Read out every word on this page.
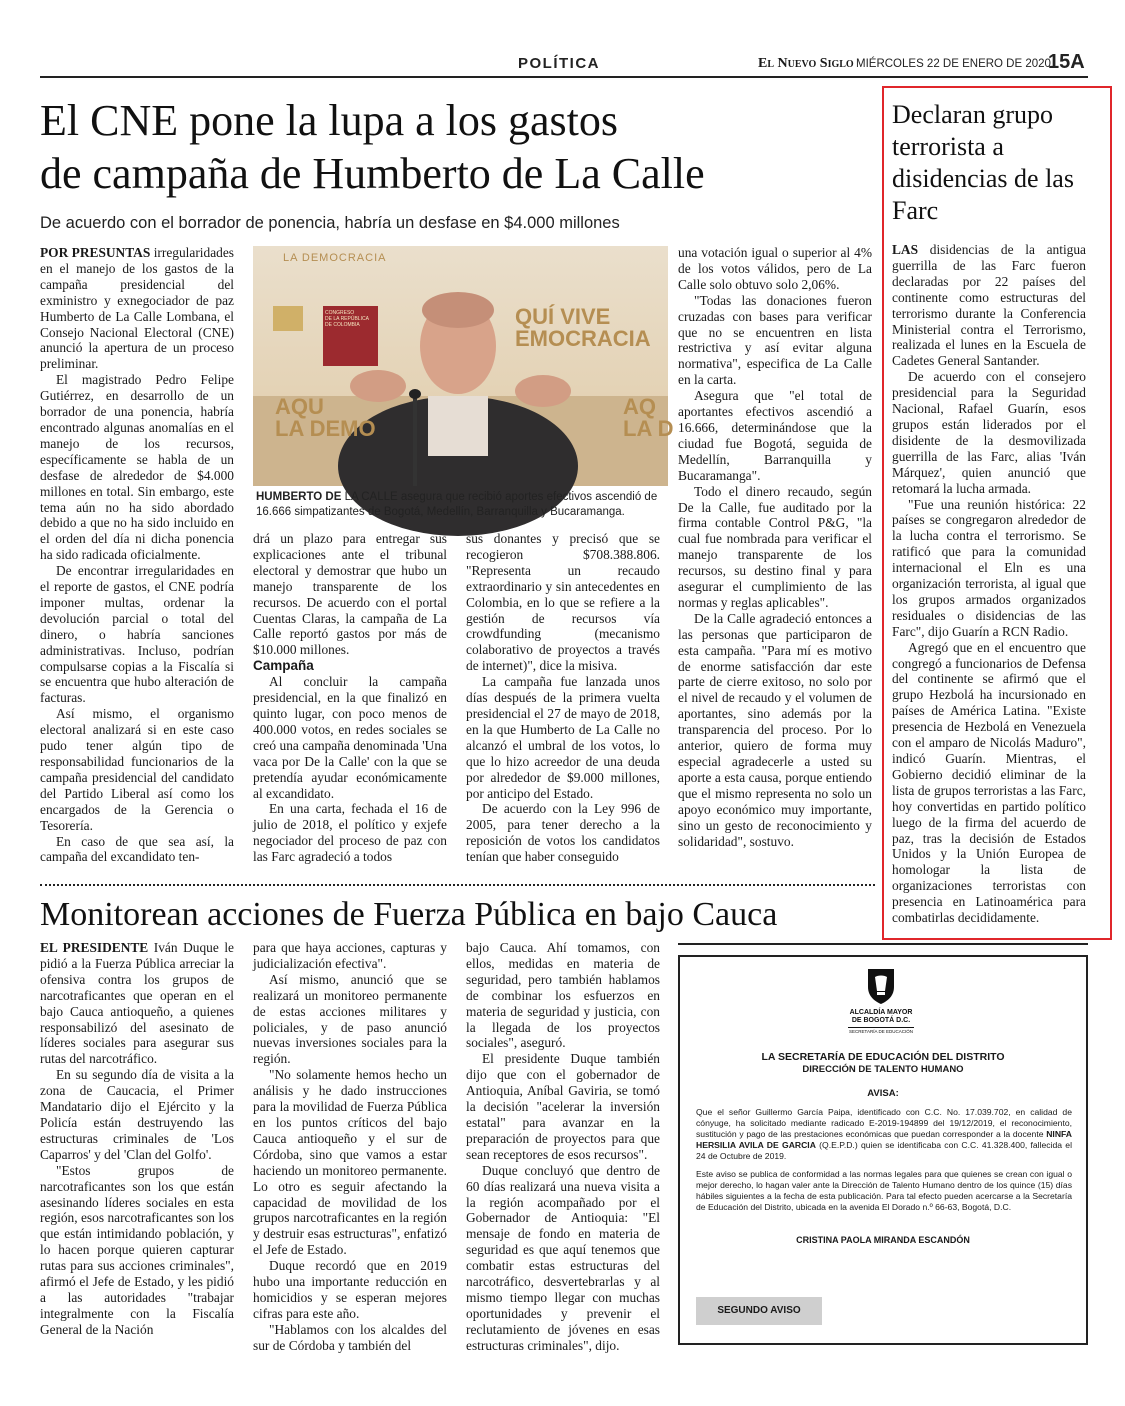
POLÍTICA	El Nuevo Siglo MIÉRCOLES 22 DE ENERO DE 2020
15A
El CNE pone la lupa a los gastos
de campaña de Humberto de La Calle
De acuerdo con el borrador de ponencia, habría un desfase en $4.000 millones

POR PRESUNTAS irregularidades en el manejo de los gastos de la campaña presidencial del exministro y exnegociador de paz Humberto de La Calle Lombana, el Consejo Nacional Electoral (CNE) anunció la apertura de un proceso preliminar.

El magistrado Pedro Felipe Gutiérrez, en desarrollo de un borrador de una ponencia, habría encontrado algunas anomalías en el manejo de los recursos, específicamente se habla de un desfase de alrededor de $4.000 millones en total. Sin embargo, este tema aún no ha sido abordado debido a que no ha sido incluido en el orden del día ni dicha ponencia ha sido radicada oficialmente.

De encontrar irregularidades en el reporte de gastos, el CNE podría imponer multas, ordenar la devolución parcial o total del dinero, o habría sanciones administrativas. Incluso, podrían compulsarse copias a la Fiscalía si se encuentra que hubo alteración de facturas.

Así mismo, el organismo electoral analizará si en este caso pudo tener algún tipo de responsabilidad funcionarios de la campaña presidencial del candidato del Partido Liberal así como los encargados de la Gerencia o Tesorería.

En caso de que sea así, la campaña del excandidato ten-

LA DEMOCRACIA
CONGRESO
DE LA REPÚBLICA
DE COLOMBIA	QUÍ VIVE
EMOCRACIA
AQU
LA DEMO
AQ
LA D
HUMBERTO DE LA CALLE asegura que recibió aportes efectivos ascendió de 16.666 simpatizantes de Bogotá, Medellín, Barranquilla y Bucaramanga.

drá un plazo para entregar sus explicaciones ante el tribunal electoral y demostrar que hubo un manejo transparente de los recursos. De acuerdo con el portal Cuentas Claras, la campaña de La Calle reportó gastos por más de $10.000 millones.

Campaña

Al concluir la campaña presidencial, en la que finalizó en quinto lugar, con poco menos de 400.000 votos, en redes sociales se creó una campaña denominada 'Una vaca por De la Calle' con la que se pretendía ayudar económicamente al excandidato.

En una carta, fechada el 16 de julio de 2018, el político y exjefe negociador del proceso de paz con las Farc agradeció a todos

sus donantes y precisó que se recogieron $708.388.806. "Representa un recaudo extraordinario y sin antecedentes en Colombia, en lo que se refiere a la gestión de recursos vía crowdfunding (mecanismo colaborativo de proyectos a través de internet)", dice la misiva.

La campaña fue lanzada unos días después de la primera vuelta presidencial el 27 de mayo de 2018, en la que Humberto de La Calle no alcanzó el umbral de los votos, lo que lo hizo acreedor de una deuda por alrededor de $9.000 millones, por anticipo del Estado.

De acuerdo con la Ley 996 de 2005, para tener derecho a la reposición de votos los candidatos tenían que haber conseguido

una votación igual o superior al 4% de los votos válidos, pero de La Calle solo obtuvo solo 2,06%.

"Todas las donaciones fueron cruzadas con bases para verificar que no se encuentren en lista restrictiva y así evitar alguna normativa", especifica de La Calle en la carta.

Asegura que "el total de aportantes efectivos ascendió a 16.666, determinándose que la ciudad fue Bogotá, seguida de Medellín, Barranquilla y Bucaramanga".

Todo el dinero recaudo, según De la Calle, fue auditado por la firma contable Control P&G, "la cual fue nombrada para verificar el manejo transparente de los recursos, su destino final y para asegurar el cumplimiento de las normas y reglas aplicables".

De la Calle agradeció entonces a las personas que participaron de esta campaña. "Para mí es motivo de enorme satisfacción dar este parte de cierre exitoso, no solo por el nivel de recaudo y el volumen de aportantes, sino además por la transparencia del proceso. Por lo anterior, quiero de forma muy especial agradecerle a usted su aporte a esta causa, porque entiendo que el mismo representa no solo un apoyo económico muy importante, sino un gesto de reconocimiento y solidaridad", sostuvo.

Declaran grupo terrorista a disidencias de las Farc

LAS disidencias de la antigua guerrilla de las Farc fueron declaradas por 22 países del continente como estructuras del terrorismo durante la Conferencia Ministerial contra el Terrorismo, realizada el lunes en la Escuela de Cadetes General Santander.

De acuerdo con el consejero presidencial para la Seguridad Nacional, Rafael Guarín, esos grupos están liderados por el disidente de la desmovilizada guerrilla de las Farc, alias 'Iván Márquez', quien anunció que retomará la lucha armada.

"Fue una reunión histórica: 22 países se congregaron alrededor de la lucha contra el terrorismo. Se ratificó que para la comunidad internacional el Eln es una organización terrorista, al igual que los grupos armados organizados residuales o disidencias de las Farc", dijo Guarín a RCN Radio.

Agregó que en el encuentro que congregó a funcionarios de Defensa del continente se afirmó que el grupo Hezbolá ha incursionado en países de América Latina. "Existe presencia de Hezbolá en Venezuela con el amparo de Nicolás Maduro", indicó Guarín. Mientras, el Gobierno decidió eliminar de la lista de grupos terroristas a las Farc, hoy convertidas en partido político luego de la firma del acuerdo de paz, tras la decisión de Estados Unidos y la Unión Europea de homologar la lista de organizaciones terroristas con presencia en Latinoamérica para combatirlas decididamente.

Monitorean acciones de Fuerza Pública en bajo Cauca

EL PRESIDENTE Iván Duque le pidió a la Fuerza Pública arreciar la ofensiva contra los grupos de narcotraficantes que operan en el bajo Cauca antioqueño, a quienes responsabilizó del asesinato de líderes sociales para asegurar sus rutas del narcotráfico.

En su segundo día de visita a la zona de Caucacia, el Primer Mandatario dijo el Ejército y la Policía están destruyendo las estructuras criminales de 'Los Caparros' y del 'Clan del Golfo'.

"Estos grupos de narcotraficantes son los que están asesinando líderes sociales en esta región, esos narcotraficantes son los que están intimidando población, y lo hacen porque quieren capturar rutas para sus acciones criminales", afirmó el Jefe de Estado, y les pidió a las autoridades "trabajar integralmente con la Fiscalía General de la Nación

para que haya acciones, capturas y judicialización efectiva".

Así mismo, anunció que se realizará un monitoreo permanente de estas acciones militares y policiales, y de paso anunció nuevas inversiones sociales para la región.

"No solamente hemos hecho un análisis y he dado instrucciones para la movilidad de Fuerza Pública en los puntos críticos del bajo Cauca antioqueño y el sur de Córdoba, sino que vamos a estar haciendo un monitoreo permanente. Lo otro es seguir afectando la capacidad de movilidad de los grupos narcotraficantes en la región y destruir esas estructuras", enfatizó el Jefe de Estado.

Duque recordó que en 2019 hubo una importante reducción en homicidios y se esperan mejores cifras para este año.

"Hablamos con los alcaldes del sur de Córdoba y también del

bajo Cauca. Ahí tomamos, con ellos, medidas en materia de seguridad, pero también hablamos de combinar los esfuerzos en materia de seguridad y justicia, con la llegada de los proyectos sociales", aseguró.

El presidente Duque también dijo que con el gobernador de Antioquia, Aníbal Gaviria, se tomó la decisión "acelerar la inversión estatal" para avanzar en la preparación de proyectos para que sean receptores de esos recursos".

Duque concluyó que dentro de 60 días realizará una nueva visita a la región acompañado por el Gobernador de Antioquia: "El mensaje de fondo en materia de seguridad es que aquí tenemos que combatir estas estructuras del narcotráfico, desvertebrarlas y al mismo tiempo llegar con muchas oportunidades y prevenir el reclutamiento de jóvenes en esas estructuras criminales", dijo.

ALCALDÍA MAYOR
DE BOGOTÁ D.C.
SECRETARÍA DE EDUCACIÓN
LA SECRETARÍA DE EDUCACIÓN DEL DISTRITO
DIRECCIÓN DE TALENTO HUMANO
AVISA:
Que el señor Guillermo García Paipa, identificado con C.C. No. 17.039.702, en calidad de cónyuge, ha solicitado mediante radicado E-2019-194899 del 19/12/2019, el reconocimiento, sustitución y pago de las prestaciones económicas que puedan corresponder a la docente NINFA HERSILIA AVILA DE GARCIA (Q.E.P.D.) quien se identificaba con C.C. 41.328.400, fallecida el 24 de Octubre de 2019.
Este aviso se publica de conformidad a las normas legales para que quienes se crean con igual o mejor derecho, lo hagan valer ante la Dirección de Talento Humano dentro de los quince (15) días hábiles siguientes a la fecha de esta publicación. Para tal efecto pueden acercarse a la Secretaría de Educación del Distrito, ubicada en la avenida El Dorado n.º 66-63, Bogotá, D.C.
CRISTINA PAOLA MIRANDA ESCANDÓN
SEGUNDO AVISO
